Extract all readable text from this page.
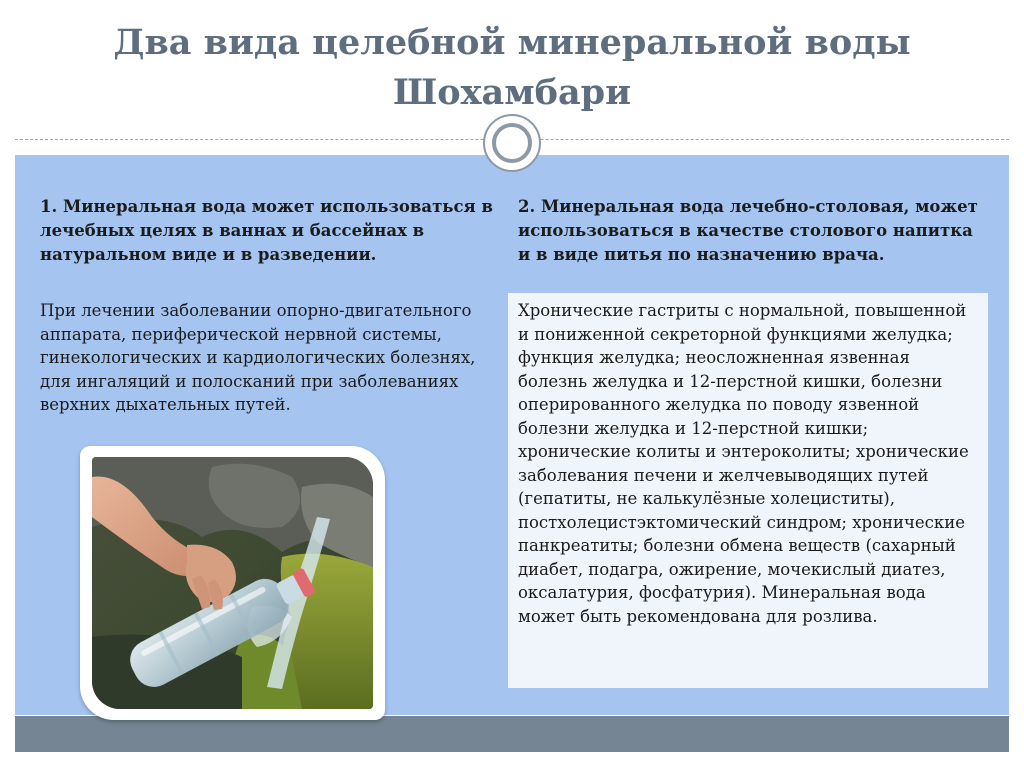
Два вида целебной минеральной воды
Шохамбари
1. Минеральная вода может использоваться в лечебных целях в ваннах и бассейнах в натуральном виде и в разведении.
При лечении заболевании опорно-двигательного аппарата, периферической нервной системы, гинекологических и кардиологических болезнях, для ингаляций и полосканий при заболеваниях верхних дыхательных путей.
2. Минеральная вода лечебно-столовая, может использоваться в качестве столового напитка и в виде питья по назначению врача.
Хронические гастриты с нормальной, повышенной и пониженной секреторной функциями желудка; функция желудка; неосложненная язвенная болезнь желудка и 12-перстной кишки, болезни оперированного желудка по поводу язвенной болезни желудка и 12-перстной кишки; хронические колиты и энтероколиты; хронические заболевания печени и желчевыводящих путей (гепатиты, не калькулёзные холециститы), постхолецистэктомический синдром; хронические панкреатиты; болезни обмена веществ (сахарный диабет, подагра, ожирение, мочекислый диатез, оксалатурия, фосфатурия). Минеральная вода может быть рекомендована для розлива.
